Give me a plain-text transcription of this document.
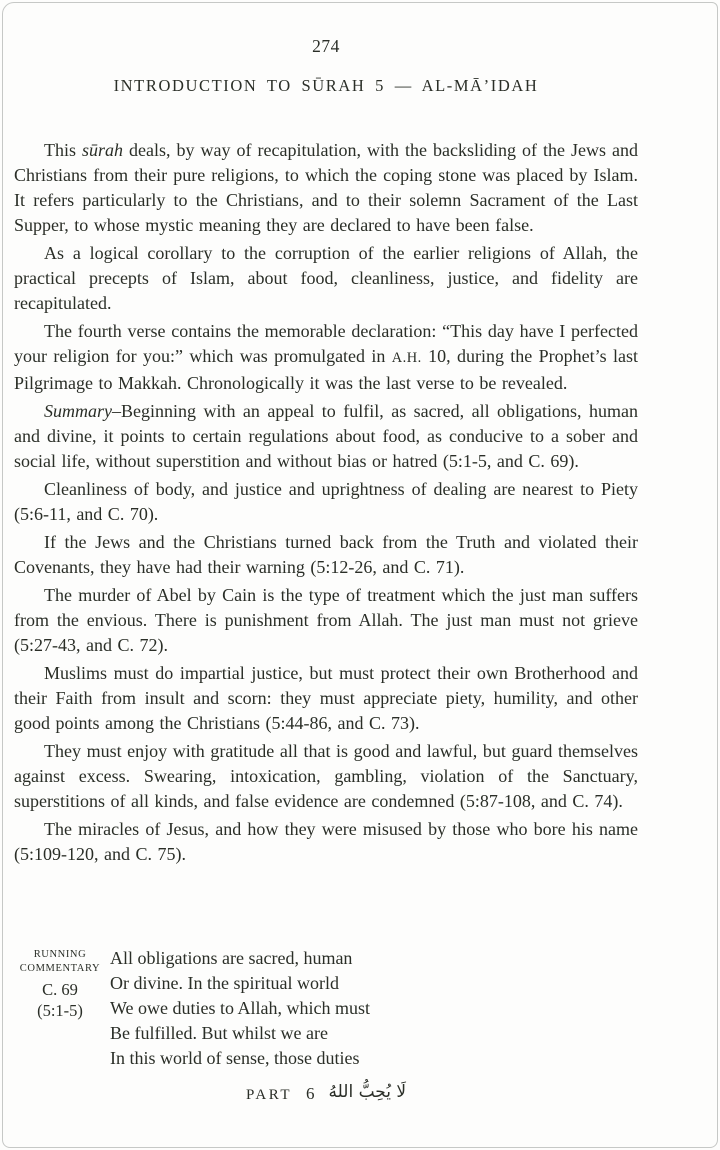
274
INTRODUCTION TO SŪRAH 5 — AL-MĀ’IDAH

This sūrah deals, by way of recapitulation, with the backsliding of the Jews and Christians from their pure religions, to which the coping stone was placed by Islam. It refers particularly to the Christians, and to their solemn Sacrament of the Last Supper, to whose mystic meaning they are declared to have been false.

As a logical corollary to the corruption of the earlier religions of Allah, the practical precepts of Islam, about food, cleanliness, justice, and fidelity are recapitulated.

The fourth verse contains the memorable declaration: “This day have I perfected your religion for you:” which was promulgated in A.H. 10, during the Prophet’s last Pilgrimage to Makkah. Chronologically it was the last verse to be revealed.

Summary–Beginning with an appeal to fulfil, as sacred, all obligations, human and divine, it points to certain regulations about food, as conducive to a sober and social life, without superstition and without bias or hatred (5:1-5, and C. 69).

Cleanliness of body, and justice and uprightness of dealing are nearest to Piety (5:6-11, and C. 70).

If the Jews and the Christians turned back from the Truth and violated their Covenants, they have had their warning (5:12-26, and C. 71).

The murder of Abel by Cain is the type of treatment which the just man suffers from the envious. There is punishment from Allah. The just man must not grieve (5:27-43, and C. 72).

Muslims must do impartial justice, but must protect their own Brotherhood and their Faith from insult and scorn: they must appreciate piety, humility, and other good points among the Christians (5:44-86, and C. 73).

They must enjoy with gratitude all that is good and lawful, but guard themselves against excess. Swearing, intoxication, gambling, violation of the Sanctuary, superstitions of all kinds, and false evidence are condemned (5:87-108, and C. 74).

The miracles of Jesus, and how they were misused by those who bore his name (5:109-120, and C. 75).

RUNNING
COMMENTARY
C. 69
(5:1-5)
All obligations are sacred, human
Or divine. In the spiritual world
We owe duties to Allah, which must
Be fulfilled. But whilst we are
In this world of sense, those duties
PART 6 لَا يُحِبُّ اللهُ
